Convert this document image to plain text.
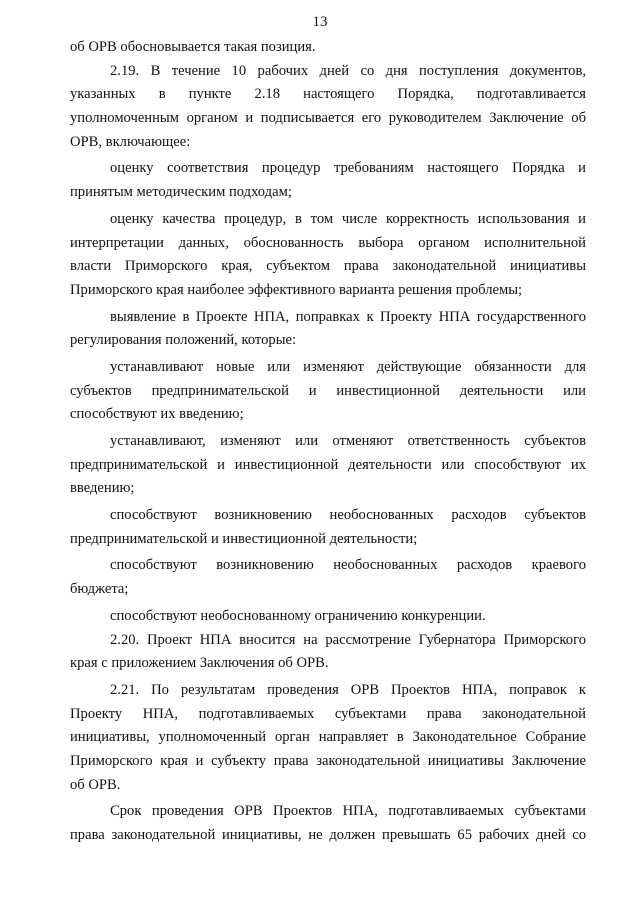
13
об ОРВ обосновывается такая позиция.
2.19. В течение 10 рабочих дней со дня поступления документов,
указанных в пункте 2.18 настоящего Порядка, подготавливается
уполномоченным органом и подписывается его руководителем Заключение об
ОРВ, включающее:
оценку соответствия процедур требованиям настоящего Порядка и
принятым методическим подходам;
оценку качества процедур, в том числе корректность использования и
интерпретации данных, обоснованность выбора органом исполнительной
власти Приморского края, субъектом права законодательной инициативы
Приморского края наиболее эффективного варианта решения проблемы;
выявление в Проекте НПА, поправках к Проекту НПА государственного
регулирования положений, которые:
устанавливают новые или изменяют действующие обязанности для
субъектов предпринимательской и инвестиционной деятельности или
способствуют их введению;
устанавливают, изменяют или отменяют ответственность субъектов
предпринимательской и инвестиционной деятельности или способствуют их
введению;
способствуют возникновению необоснованных расходов субъектов
предпринимательской и инвестиционной деятельности;
способствуют возникновению необоснованных расходов краевого
бюджета;
способствуют необоснованному ограничению конкуренции.
2.20. Проект НПА вносится на рассмотрение Губернатора Приморского
края с приложением Заключения об ОРВ.
2.21. По результатам проведения ОРВ Проектов НПА, поправок к
Проекту НПА, подготавливаемых субъектами права законодательной
инициативы, уполномоченный орган направляет в Законодательное Собрание
Приморского края и субъекту права законодательной инициативы Заключение
об ОРВ.
Срок проведения ОРВ Проектов НПА, подготавливаемых субъектами
права законодательной инициативы, не должен превышать 65 рабочих дней со
